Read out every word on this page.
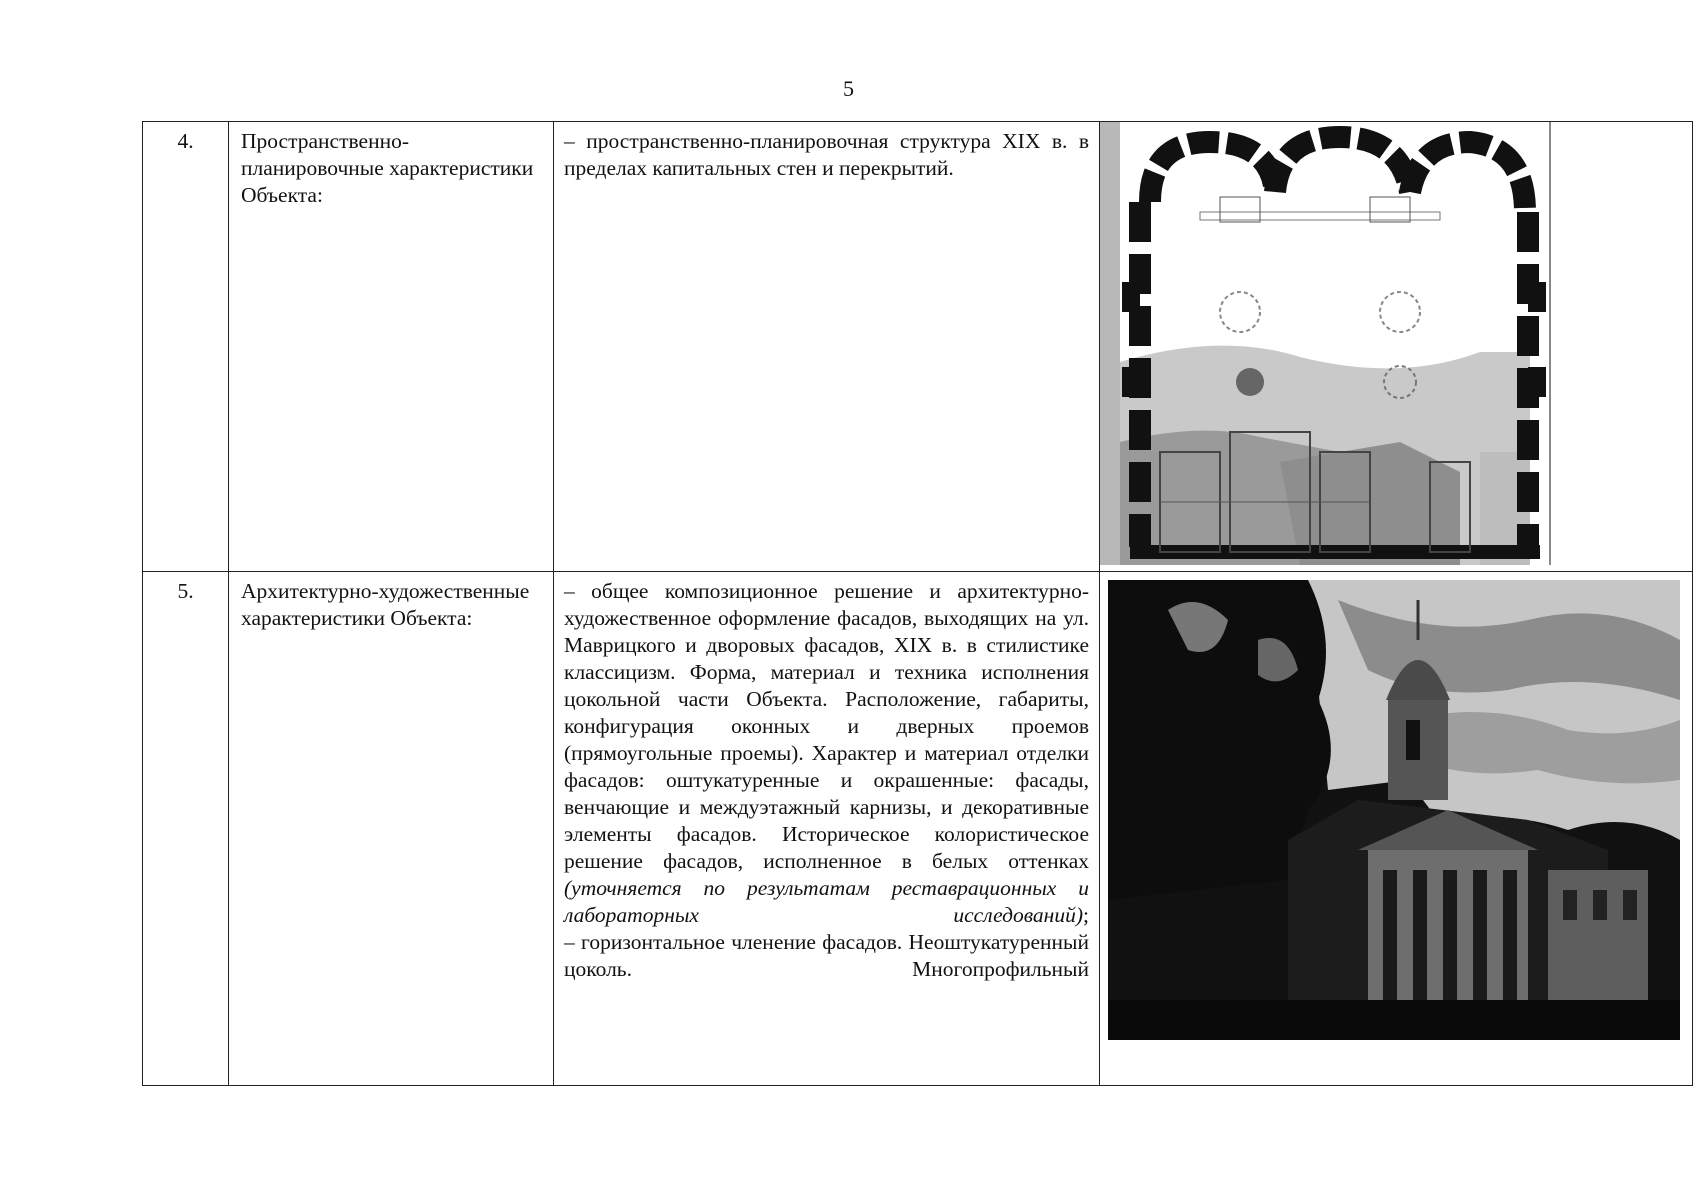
5
4.	Пространственно-планировочные характеристики Объекта:	– пространственно-планировочная структура XIX в. в пределах капитальных стен и перекрытий.

5.	Архитектурно-художественные характеристики Объекта:	– общее композиционное решение и архитектурно-художественное оформление фасадов, выходящих на ул. Маврицкого и дворовых фасадов, XIX в. в стилистике классицизм. Форма, материал и техника исполнения цокольной части Объекта. Расположение, габариты, конфигурация оконных и дверных проемов (прямоугольные проемы). Характер и материал отделки фасадов: оштукатуренные и окрашенные: фасады, венчающие и междуэтажный карнизы, и декоративные элементы фасадов. Историческое колористическое решение фасадов, исполненное в белых оттенках (уточняется по результатам реставрационных и лабораторных исследований);

– горизонтальное членение фасадов. Неоштукатуренный цоколь. Многопрофильный
